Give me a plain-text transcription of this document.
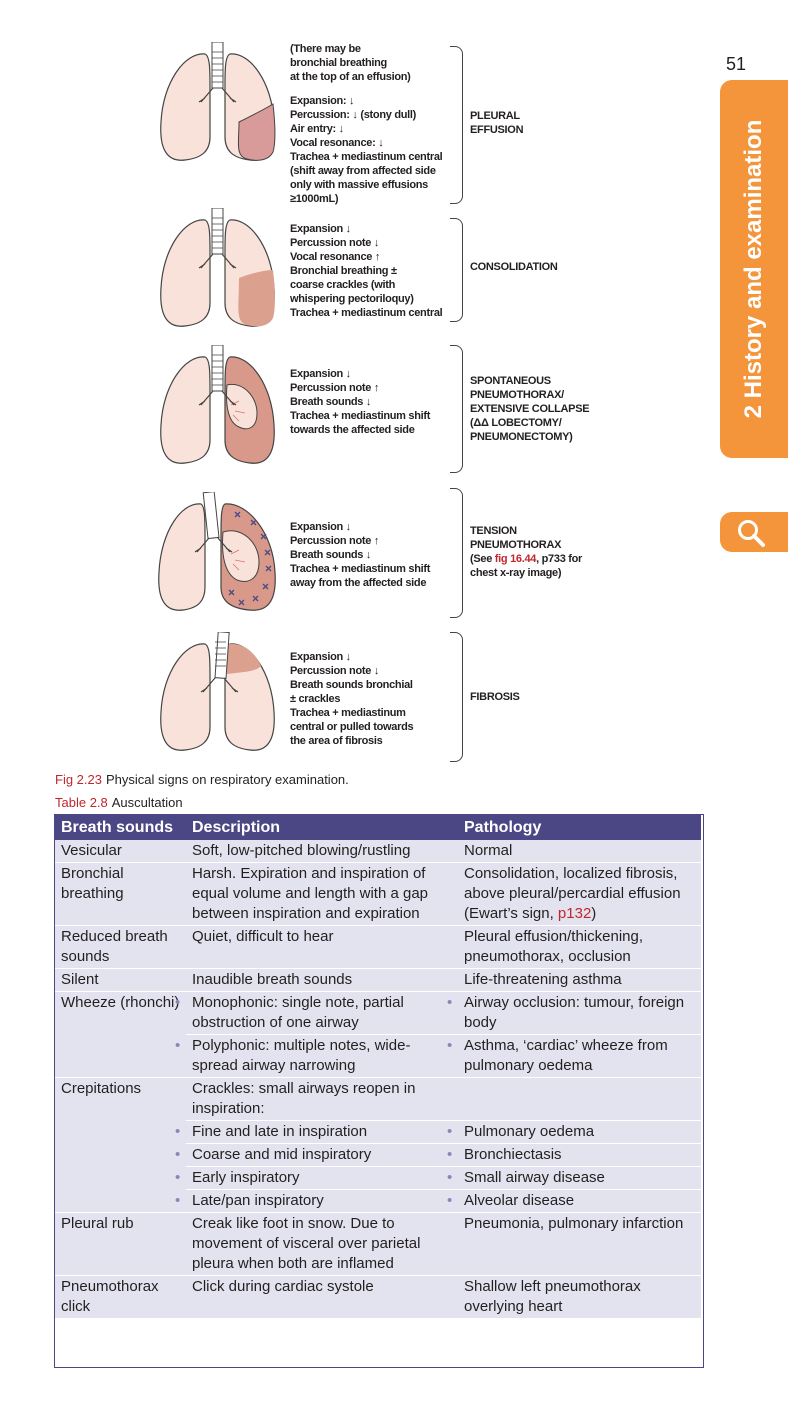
51
2 History and examination
(There may be
bronchial breathing
at the top of an effusion)
Expansion: ↓
Percussion: ↓ (stony dull)
Air entry: ↓
Vocal resonance: ↓
Trachea + mediastinum central
(shift away from affected side
only with massive effusions
≥1000mL)
PLEURAL
EFFUSION
Expansion ↓
Percussion note ↓
Vocal resonance ↑
Bronchial breathing ±
coarse crackles (with
whispering pectoriloquy)
Trachea + mediastinum central
CONSOLIDATION
Expansion ↓
Percussion note ↑
Breath sounds ↓
Trachea + mediastinum shift
towards the affected side
SPONTANEOUS
PNEUMOTHORAX/
EXTENSIVE COLLAPSE
(ΔΔ LOBECTOMY/
PNEUMONECTOMY)
Expansion ↓
Percussion note ↑
Breath sounds ↓
Trachea + mediastinum shift
away from the affected side
TENSION
PNEUMOTHORAX
(See fig 16.44, p733 for
chest x-ray image)
Expansion ↓
Percussion note ↓
Breath sounds bronchial
± crackles
Trachea + mediastinum
central or pulled towards
the area of fibrosis
FIBROSIS
Fig 2.23 Physical signs on respiratory examination.
Table 2.8 Auscultation
Breath sounds	Description	Pathology
Vesicular	Soft, low-pitched blowing/rustling	Normal
Bronchial breathing	Harsh. Expiration and inspiration of equal volume and length with a gap between inspiration and expiration	Consolidation, localized fibrosis, above pleural/percardial effusion (Ewart’s sign, p132)
Reduced breath sounds	Quiet, difficult to hear	Pleural effusion/thickening, pneumothorax, occlusion
Silent	Inaudible breath sounds	Life-threatening asthma
Wheeze (rhonchi)	• Monophonic: single note, partial obstruction of one airway	• Airway occlusion: tumour, foreign body
	• Polyphonic: multiple notes, wide-spread airway narrowing	• Asthma, ‘cardiac’ wheeze from pulmonary oedema
Crepitations	Crackles: small airways reopen in inspiration:	
	• Fine and late in inspiration	• Pulmonary oedema
	• Coarse and mid inspiratory	• Bronchiectasis
	• Early inspiratory	• Small airway disease
	• Late/pan inspiratory	• Alveolar disease
Pleural rub	Creak like foot in snow. Due to movement of visceral over parietal pleura when both are inflamed	Pneumonia, pulmonary infarction
Pneumothorax click	Click during cardiac systole	Shallow left pneumothorax overlying heart
